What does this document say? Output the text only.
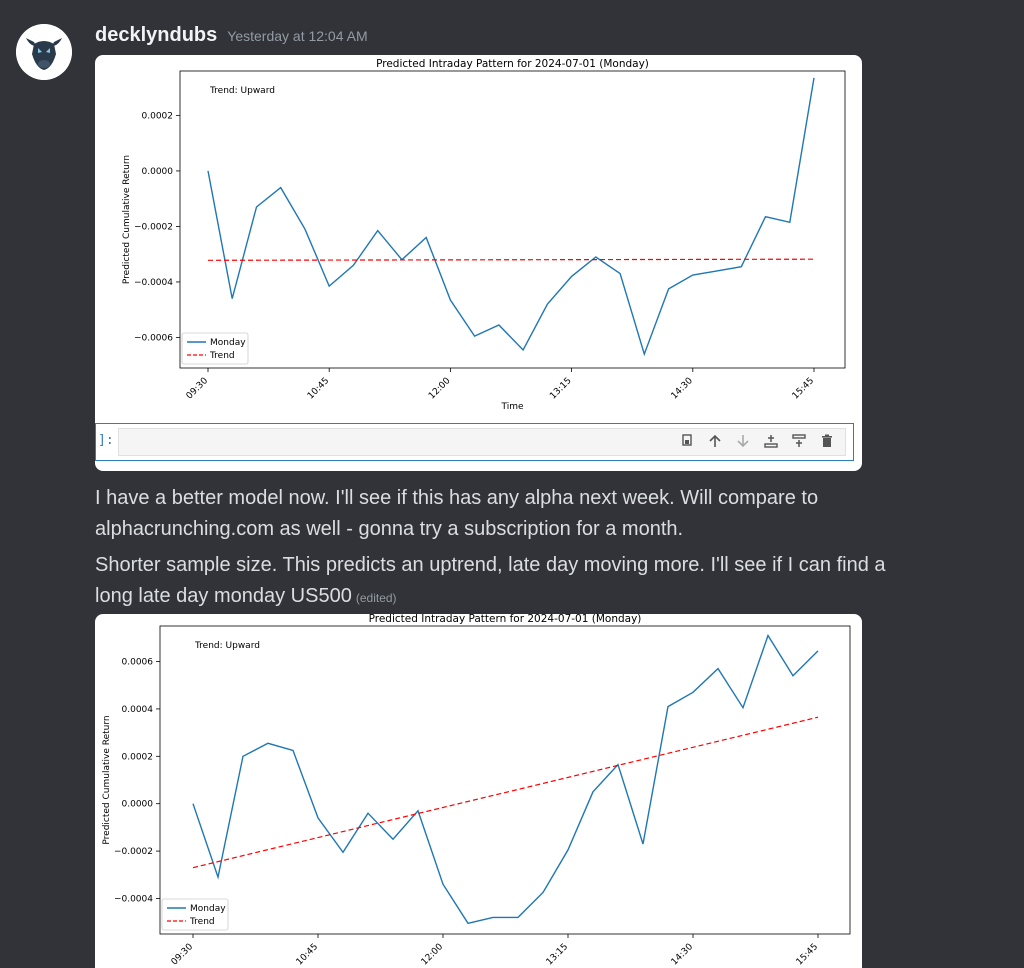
decklyndubs Yesterday at 12:04 AM
Predicted Intraday Pattern for 2024-07-01 (Monday)
0.0002
0.0000
−0.0002
−0.0004
−0.0006
09:30	10:45	12:00	13:15	14:30	15:45
Time
Predicted Cumulative Return
Trend: Upward
Monday
Trend
]:
I have a better model now. I'll see if this has any alpha next week. Will compare to
alphacrunching.com as well - gonna try a subscription for a month.
Shorter sample size. This predicts an uptrend, late day moving more. I'll see if I can find a
long late day monday US500 (edited)
Predicted Intraday Pattern for 2024-07-01 (Monday)
0.0006
0.0004
0.0002
0.0000
−0.0002
−0.0004
09:30	10:45	12:00	13:15	14:30	15:45
Predicted Cumulative Return
Trend: Upward
Monday
Trend
